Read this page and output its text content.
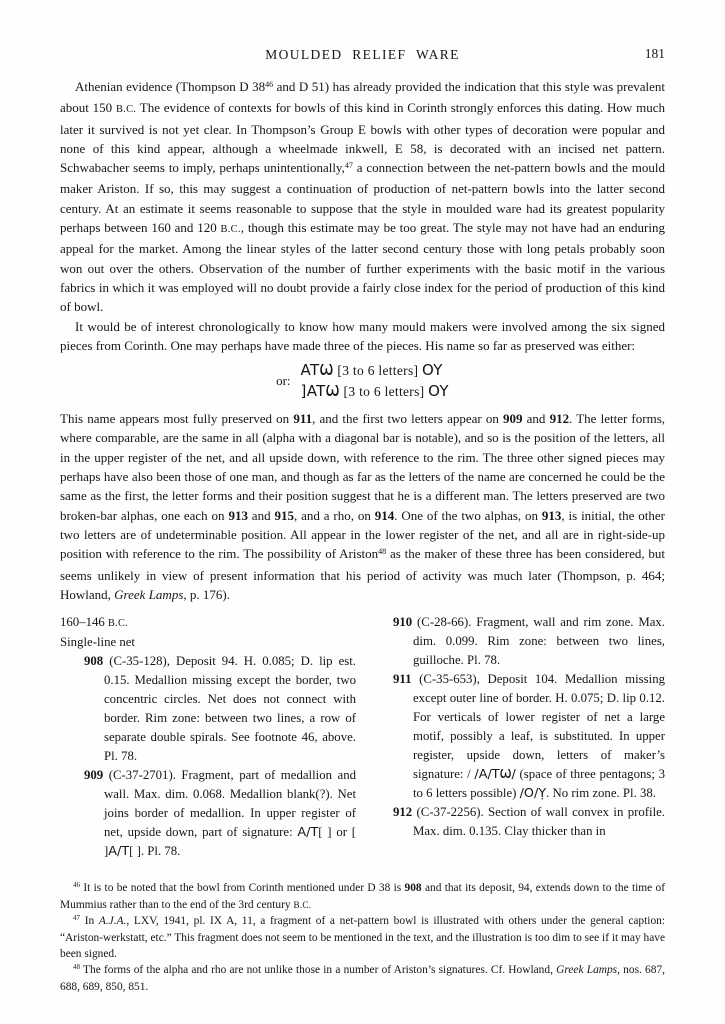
MOULDED RELIEF WARE	181

Athenian evidence (Thompson D $38^{46}$ and D 51) has already provided the indication that this style was prevalent about 150 B.C. The evidence of contexts for bowls of this kind in Corinth strongly enforces this dating. How much later it survived is not yet clear. In Thompson’s Group E bowls with other types of decoration were popular and none of this kind appear, although a wheelmade inkwell, E 58, is decorated with an incised net pattern. Schwabacher seems to imply, perhaps unintentionally,$^{47}$ a connection between the net-pattern bowls and the mould maker Ariston. If so, this may suggest a continuation of production of net-pattern bowls into the latter second century. At an estimate it seems reasonable to suppose that the style in moulded ware had its greatest popularity perhaps between 160 and 120 B.C., though this estimate may be too great. The style may not have had an enduring appeal for the market. Among the linear styles of the latter second century those with long petals probably soon won out over the others. Observation of the number of further experiments with the basic motif in the various fabrics in which it was employed will no doubt provide a fairly close index for the period of production of this kind of bowl.

It would be of interest chronologically to know how many mould makers were involved among the six signed pieces from Corinth. One may perhaps have made three of the pieces. His name so far as preserved was either:

or:
ATѠ [3 to 6 letters] OY
]ATѠ [3 to 6 letters] OY

This name appears most fully preserved on 911, and the first two letters appear on 909 and 912. The letter forms, where comparable, are the same in all (alpha with a diagonal bar is notable), and so is the position of the letters, all in the upper register of the net, and all upside down, with reference to the rim. The three other signed pieces may perhaps have also been those of one man, and though as far as the letters of the name are concerned he could be the same as the first, the letter forms and their position suggest that he is a different man. The letters preserved are two broken-bar alphas, one each on 913 and 915, and a rho, on 914. One of the two alphas, on 913, is initial, the other two letters are of undeterminable position. All appear in the lower register of the net, and all are in right-side-up position with reference to the rim. The possibility of Ariston$^{48}$ as the maker of these three has been considered, but seems unlikely in view of present information that his period of activity was much later (Thompson, p. 464; Howland, Greek Lamps, p. 176).

160–146 B.C.
Single-line net

908 (C-35-128), Deposit 94. H. 0.085; D. lip est. 0.15. Medallion missing except the border, two concentric circles. Net does not connect with border. Rim zone: between two lines, a row of separate double spirals. See footnote 46, above. Pl. 78.

909 (C-37-2701). Fragment, part of medallion and wall. Max. dim. 0.068. Medallion blank(?). Net joins border of medallion. In upper register of net, upside down, part of signature: A/T[ ] or [ ]A/T[ ]. Pl. 78.

910 (C-28-66). Fragment, wall and rim zone. Max. dim. 0.099. Rim zone: between two lines, guilloche. Pl. 78.

911 (C-35-653), Deposit 104. Medallion missing except outer line of border. H. 0.075; D. lip 0.12. For verticals of lower register of net a large motif, possibly a leaf, is substituted. In upper register, upside down, letters of maker’s signature: / /A/TѠ/ (space of three pentagons; 3 to 6 letters possible) /O/Ỵ. No rim zone. Pl. 38.

912 (C-37-2256). Section of wall convex in profile. Max. dim. 0.135. Clay thicker than in

$^{46}$ It is to be noted that the bowl from Corinth mentioned under D 38 is 908 and that its deposit, 94, extends down to the time of Mummius rather than to the end of the 3rd century B.C.

$^{47}$ In A.J.A., LXV, 1941, pl. IX A, 11, a fragment of a net-pattern bowl is illustrated with others under the general caption: “Ariston-werkstatt, etc.” This fragment does not seem to be mentioned in the text, and the illustration is too dim to see if it may have been signed.

$^{48}$ The forms of the alpha and rho are not unlike those in a number of Ariston’s signatures. Cf. Howland, Greek Lamps, nos. 687, 688, 689, 850, 851.
